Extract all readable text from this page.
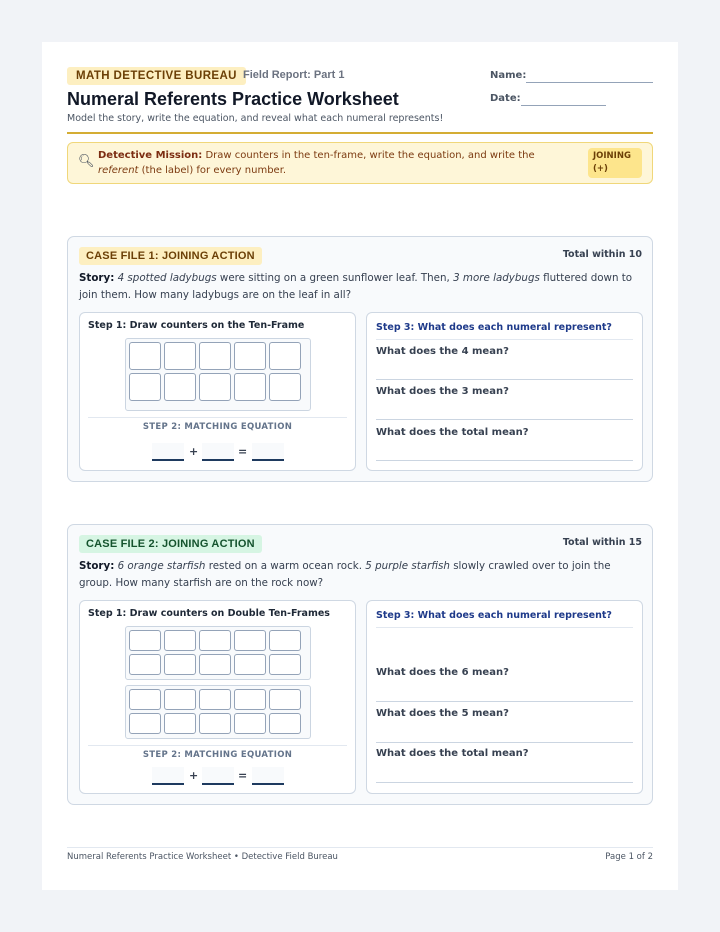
MATH DETECTIVE BUREAU Field Report: Part 1
Numeral Referents Practice Worksheet
Model the story, write the equation, and reveal what each numeral represents!
Name:
Date:
🔍︎ Detective Mission: Draw counters in the ten-frame, write the equation, and write the referent (the label) for every number.
JOINING (+)
CASE FILE 1: JOINING ACTION	Total within 10
Story: 4 spotted ladybugs were sitting on a green sunflower leaf. Then, 3 more ladybugs fluttered down to join them. How many ladybugs are on the leaf in all?
Step 1: Draw counters on the Ten-Frame
STEP 2: MATCHING EQUATION
+	=
Step 3: What does each numeral represent?
What does the 4 mean?
What does the 3 mean?
What does the total mean?
CASE FILE 2: JOINING ACTION	Total within 15
Story: 6 orange starfish rested on a warm ocean rock. 5 purple starfish slowly crawled over to join the group. How many starfish are on the rock now?
Step 1: Draw counters on Double Ten-Frames
STEP 2: MATCHING EQUATION
+	=
Step 3: What does each numeral represent?
What does the 6 mean?
What does the 5 mean?
What does the total mean?
Numeral Referents Practice Worksheet • Detective Field Bureau	Page 1 of 2
